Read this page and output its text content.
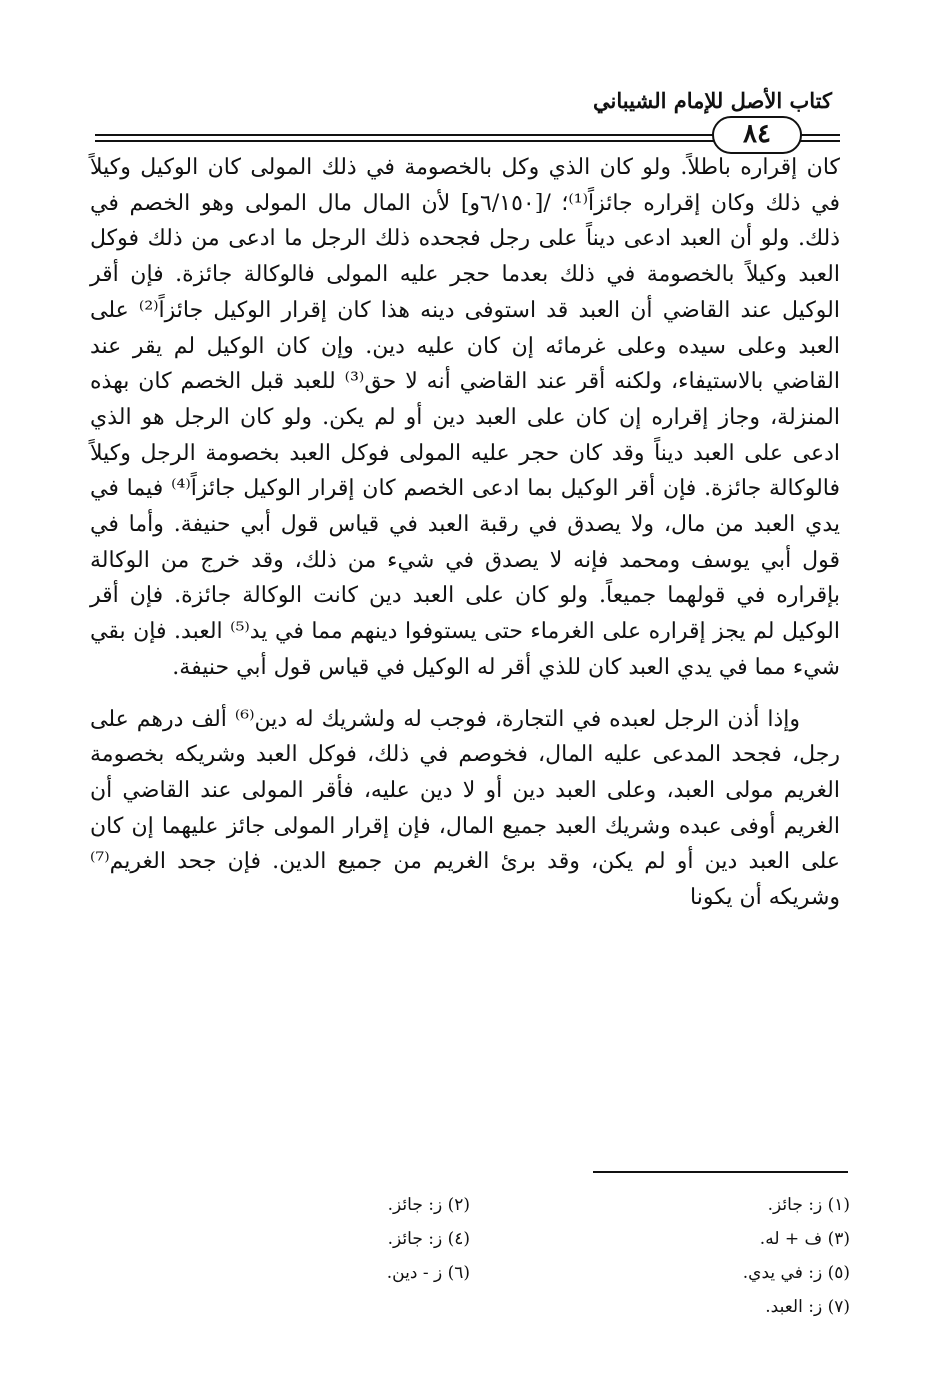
كتاب الأصل للإمام الشيباني
٨٤

كان إقراره باطلاً. ولو كان الذي وكل بالخصومة في ذلك المولى كان الوكيل وكيلاً في ذلك وكان إقراره جائزاً⁽¹⁾؛ /[٦/١٥٠و] لأن المال مال المولى وهو الخصم في ذلك. ولو أن العبد ادعى ديناً على رجل فجحده ذلك الرجل ما ادعى من ذلك فوكل العبد وكيلاً بالخصومة في ذلك بعدما حجر عليه المولى فالوكالة جائزة. فإن أقر الوكيل عند القاضي أن العبد قد استوفى دينه هذا كان إقرار الوكيل جائزاً⁽²⁾ على العبد وعلى سيده وعلى غرمائه إن كان عليه دين. وإن كان الوكيل لم يقر عند القاضي بالاستيفاء، ولكنه أقر عند القاضي أنه لا حق⁽³⁾ للعبد قبل الخصم كان بهذه المنزلة، وجاز إقراره إن كان على العبد دين أو لم يكن. ولو كان الرجل هو الذي ادعى على العبد ديناً وقد كان حجر عليه المولى فوكل العبد بخصومة الرجل وكيلاً فالوكالة جائزة. فإن أقر الوكيل بما ادعى الخصم كان إقرار الوكيل جائزاً⁽⁴⁾ فيما في يدي العبد من مال، ولا يصدق في رقبة العبد في قياس قول أبي حنيفة. وأما في قول أبي يوسف ومحمد فإنه لا يصدق في شيء من ذلك، وقد خرج من الوكالة بإقراره في قولهما جميعاً. ولو كان على العبد دين كانت الوكالة جائزة. فإن أقر الوكيل لم يجز إقراره على الغرماء حتى يستوفوا دينهم مما في يد⁽⁵⁾ العبد. فإن بقي شيء مما في يدي العبد كان للذي أقر له الوكيل في قياس قول أبي حنيفة.

وإذا أذن الرجل لعبده في التجارة، فوجب له ولشريك له دين⁽⁶⁾ ألف درهم على رجل، فجحد المدعى عليه المال، فخوصم في ذلك، فوكل العبد وشريكه بخصومة الغريم مولى العبد، وعلى العبد دين أو لا دين عليه، فأقر المولى عند القاضي أن الغريم أوفى عبده وشريك العبد جميع المال، فإن إقرار المولى جائز عليهما إن كان على العبد دين أو لم يكن، وقد برئ الغريم من جميع الدين. فإن جحد الغريم⁽⁷⁾ وشريكه أن يكونا

(١) ز: جائز.
(٣) ف + له.
(٥) ز: في يدي.
(٧) ز: العبد.
(٢) ز: جائز.
(٤) ز: جائز.
(٦) ز - دين.
